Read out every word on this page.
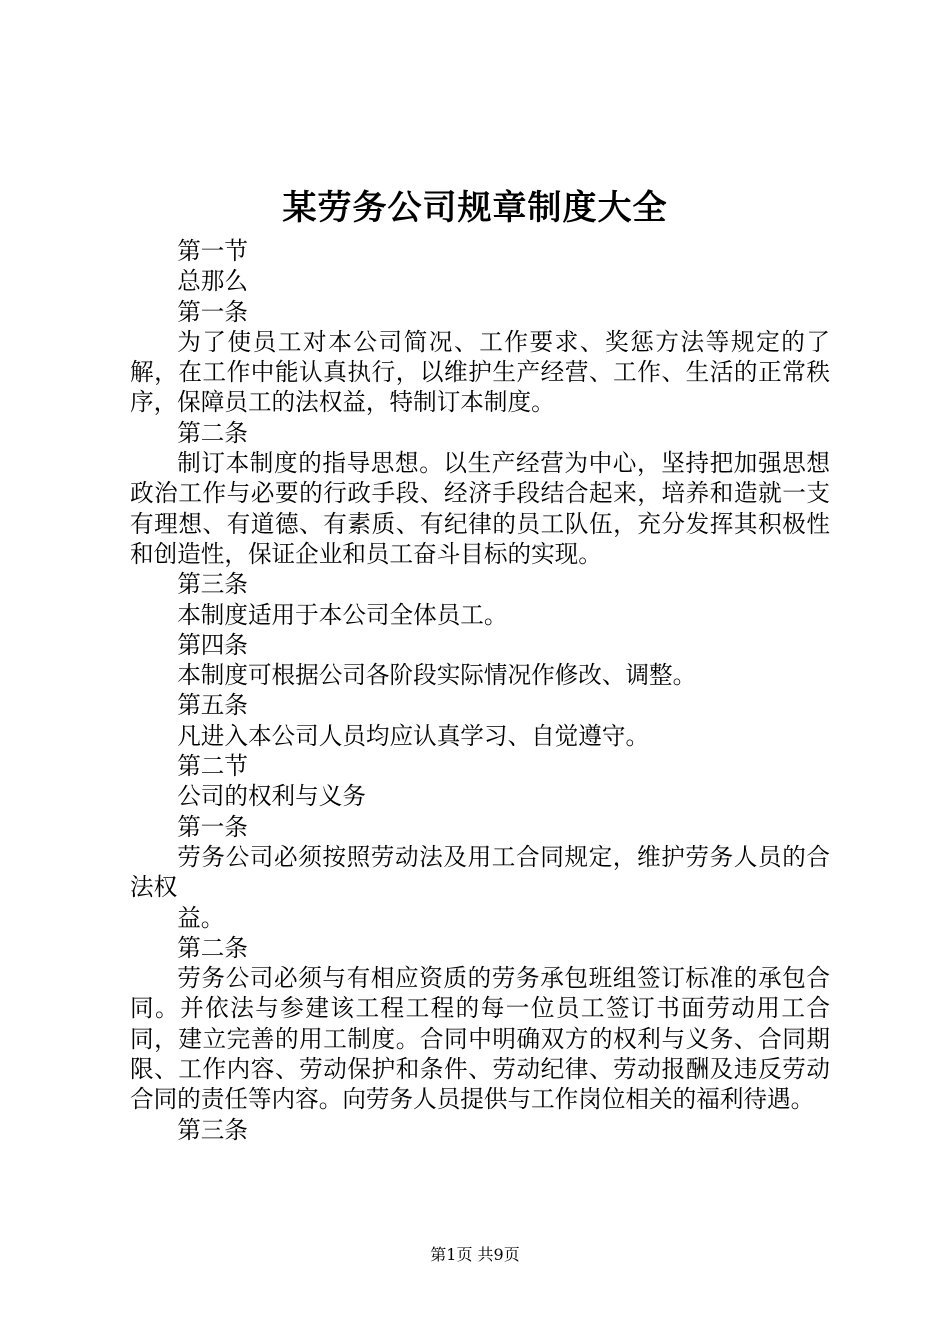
某劳务公司规章制度大全

第一节

总那么

第一条

为了使员工对本公司简况、工作要求、奖惩方法等规定的了解，在工作中能认真执行，以维护生产经营、工作、生活的正常秩序，保障员工的法权益，特制订本制度。

第二条

制订本制度的指导思想。以生产经营为中心，坚持把加强思想政治工作与必要的行政手段、经济手段结合起来，培养和造就一支有理想、有道德、有素质、有纪律的员工队伍，充分发挥其积极性和创造性，保证企业和员工奋斗目标的实现。

第三条

本制度适用于本公司全体员工。

第四条

本制度可根据公司各阶段实际情况作修改、调整。

第五条

凡进入本公司人员均应认真学习、自觉遵守。

第二节

公司的权利与义务

第一条

劳务公司必须按照劳动法及用工合同规定，维护劳务人员的合法权

益。

第二条

劳务公司必须与有相应资质的劳务承包班组签订标准的承包合同。并依法与参建该工程工程的每一位员工签订书面劳动用工合同，建立完善的用工制度。合同中明确双方的权利与义务、合同期限、工作内容、劳动保护和条件、劳动纪律、劳动报酬及违反劳动合同的责任等内容。向劳务人员提供与工作岗位相关的福利待遇。

第三条

第1页 共9页
